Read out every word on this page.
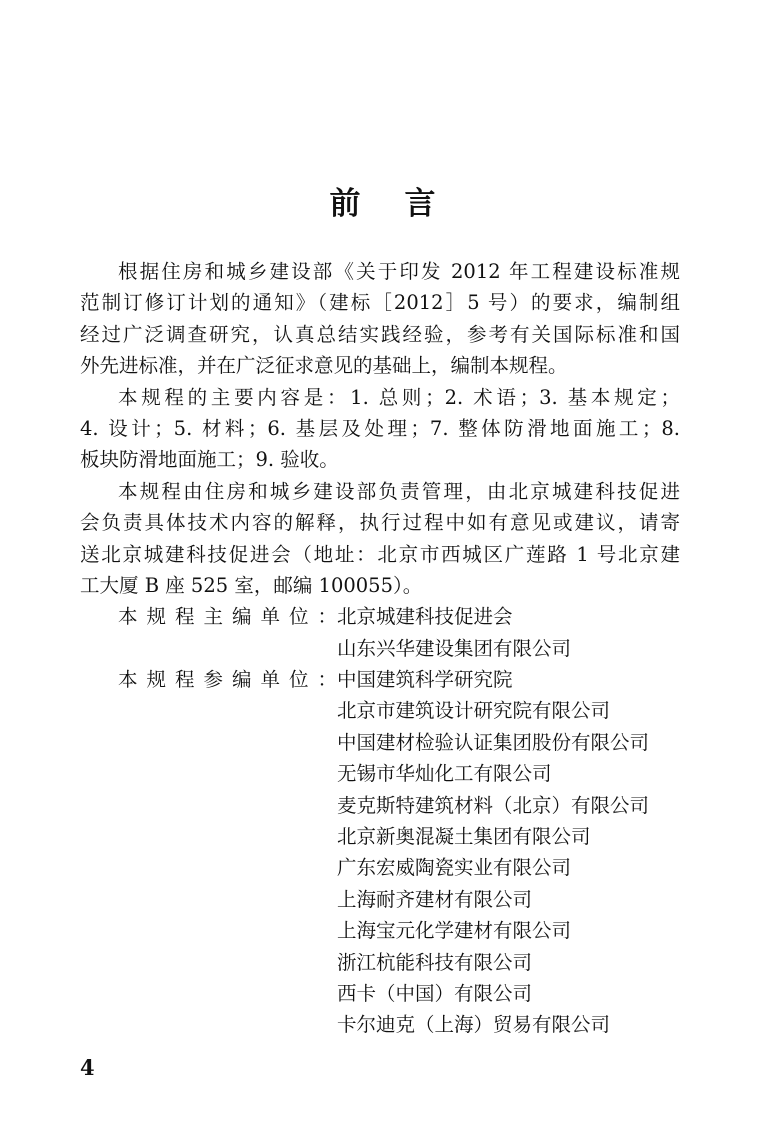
前言
根据住房和城乡建设部《关于印发 2012 年工程建设标准规
范制订修订计划的通知》（建标［2012］5 号）的要求，编制组
经过广泛调查研究，认真总结实践经验，参考有关国际标准和国
外先进标准，并在广泛征求意见的基础上，编制本规程。
本规程的主要内容是：1. 总则；2. 术语；3. 基本规定；
4. 设计；5. 材料；6. 基层及处理；7. 整体防滑地面施工；8.
板块防滑地面施工；9. 验收。
本规程由住房和城乡建设部负责管理，由北京城建科技促进
会负责具体技术内容的解释，执行过程中如有意见或建议，请寄
送北京城建科技促进会（地址：北京市西城区广莲路 1 号北京建
工大厦 B 座 525 室，邮编 100055）。
本规程主编单位： 北京城建科技促进会
山东兴华建设集团有限公司
本规程参编单位： 中国建筑科学研究院
北京市建筑设计研究院有限公司
中国建材检验认证集团股份有限公司
无锡市华灿化工有限公司
麦克斯特建筑材料（北京）有限公司
北京新奥混凝土集团有限公司
广东宏威陶瓷实业有限公司
上海耐齐建材有限公司
上海宝元化学建材有限公司
浙江杭能科技有限公司
西卡（中国）有限公司
卡尔迪克（上海）贸易有限公司
4
